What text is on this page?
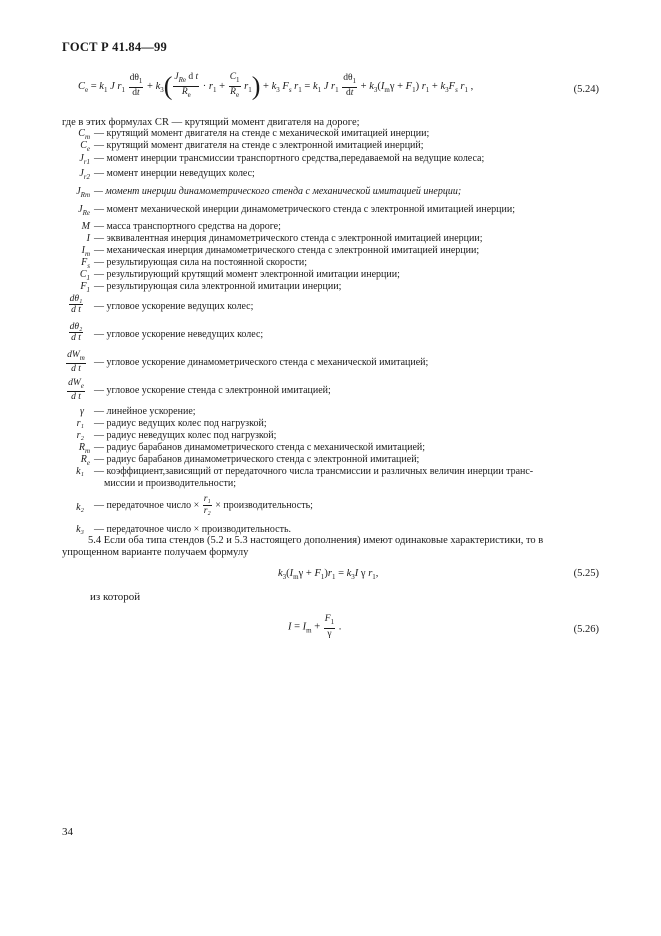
ГОСТ Р 41.84—99
$C_e = k_1$ J $r_1 \frac{d\theta_1}{dt} + k_3( \frac{J_{Re} d t}{R_e} \cdot r_1 + \frac{C_1}{R_e} r_1) + k_3$ $F_s$ $r_1 = k_1$ J $r_1 \frac{d\theta_1}{dt} + k_3(I_m\gamma + F_1) r_1 + k_3F_s$ $r_1$ ,	(5.24)
где в этих формулах CR — крутящий момент двигателя на дороге;
$C_m$ — крутящий момент двигателя на стенде с механической имитацией инерции;
$C_e$ — крутящий момент двигателя на стенде с электронной имитацией инерций;
$J_{r1}$ — момент инерции трансмиссии транспортного средства,передаваемой на ведущие колеса;
$J_{r2}$ — момент инерции неведущих колес;
$J_{Rm}$ — момент инерции динамометрического стенда с механической имитацией инерции;
$J_{Re}$ — момент механической инерции динамометрического стенда с электронной имитацией инерции;
M — масса транспортного средства на дороге;
I — эквивалентная инерция динамометрического стенда с электронной имитацией инерции;
$I_m$ — механическая инерция динамометрического стенда с электронной имитацией инерции;
$F_s$ — результирующая сила на постоянной скорости;
$C_1$ — результирующий крутящий момент электронной имитации инерции;
$F_1$ — результирующая сила электронной имитации инерции;
$\frac{\text{dθ₁}}{\text{d t}}$ — угловое ускорение ведущих колес;
$\frac{\text{dθ₂}}{\text{d t}}$ — угловое ускорение неведущих колес;
$\frac{dW_m}{\text{d t}}$ — угловое ускорение динамометрического стенда с механической имитацией;
$\frac{dW_e}{\text{d t}}$ — угловое ускорение стенда с электронной имитацией;
γ — линейное ускорение;
r₁ — радиус ведущих колес под нагрузкой;
r₂ — радиус неведущих колес под нагрузкой;
$R_m$ — радиус барабанов динамометрического стенда с механической имитацией;
$R_e$ — радиус барабанов динамометрического стенда с электронной имитацией;
k₁ — коэффициент,зависящий от передаточного числа трансмиссии и различных величин инерции транс-
миссии и производительности;
k₂ — передаточное число × $\frac{\text{r₁}}{\text{r₂}}$ × производительность;
k₃ — передаточное число × производительность.
5.4 Если оба типа стендов (5.2 и 5.3 настоящего дополнения) имеют одинаковые характеристики, то в
упрощенном варианте получаем формулу
$k_3(I_m\gamma + F_1)r_1 = k_3I$ γ $r_1$,	(5.25)
из которой
$I = I_m + \frac{F_1}{\gamma}$ .	(5.26)
34
